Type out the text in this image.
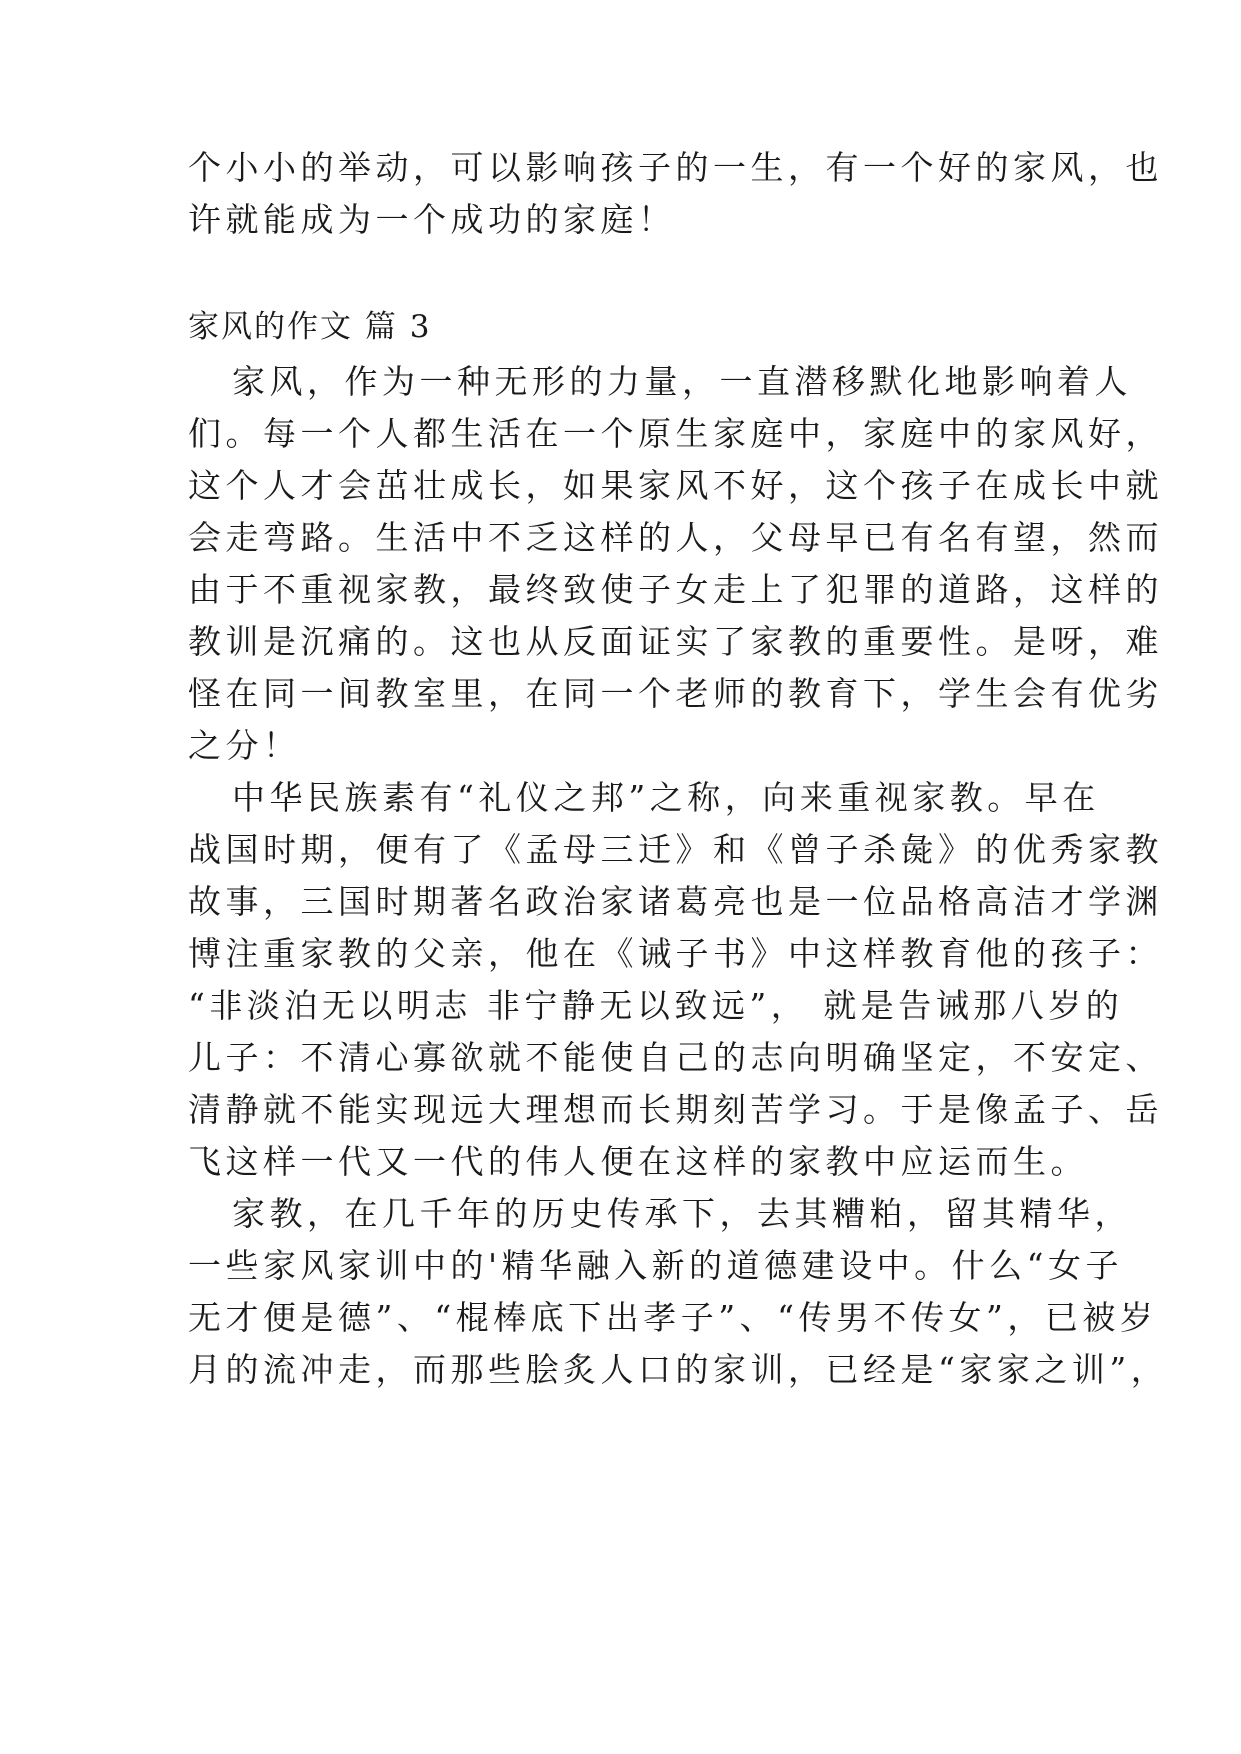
个小小的举动，可以影响孩子的一生，有一个好的家风，也
许就能成为一个成功的家庭！
家风的作文 篇 3
家风，作为一种无形的力量，一直潜移默化地影响着人
们。每一个人都生活在一个原生家庭中，家庭中的家风好，
这个人才会茁壮成长，如果家风不好，这个孩子在成长中就
会走弯路。生活中不乏这样的人，父母早已有名有望，然而
由于不重视家教，最终致使子女走上了犯罪的道路，这样的
教训是沉痛的。这也从反面证实了家教的重要性。是呀，难
怪在同一间教室里，在同一个老师的教育下，学生会有优劣
之分！
中华民族素有“礼仪之邦”之称，向来重视家教。早在
战国时期，便有了《孟母三迁》和《曾子杀彘》的优秀家教
故事，三国时期著名政治家诸葛亮也是一位品格高洁才学渊
博注重家教的父亲，他在《诫子书》中这样教育他的孩子：
“非淡泊无以明志 非宁静无以致远”， 就是告诫那八岁的
儿子：不清心寡欲就不能使自己的志向明确坚定，不安定、
清静就不能实现远大理想而长期刻苦学习。于是像孟子、岳
飞这样一代又一代的伟人便在这样的家教中应运而生。
家教，在几千年的历史传承下，去其糟粕，留其精华，
一些家风家训中的'精华融入新的道德建设中。什么“女子
无才便是德”、“棍棒底下出孝子”、“传男不传女”，已被岁
月的流冲走，而那些脍炙人口的家训，已经是“家家之训”，
